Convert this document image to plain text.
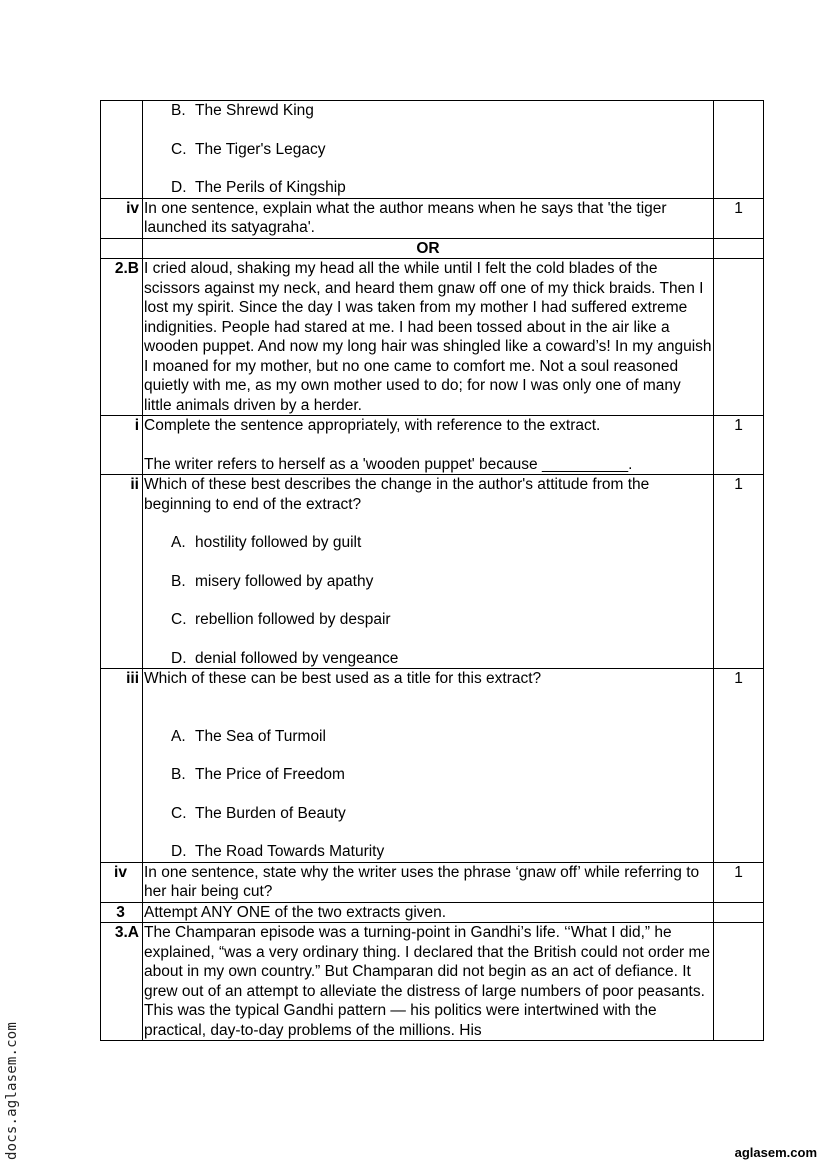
	B. The Shrewd King

C. The Tiger's Legacy

D. The Perils of Kingship	

iv	In one sentence, explain what the author means when he says that 'the tiger launched its satyagraha'.	1
	OR	
2.B	I cried aloud, shaking my head all the while until I felt the cold blades of the scissors against my neck, and heard them gnaw off one of my thick braids. Then I lost my spirit. Since the day I was taken from my mother I had suffered extreme indignities. People had stared at me. I had been tossed about in the air like a wooden puppet. And now my long hair was shingled like a coward’s! In my anguish I moaned for my mother, but no one came to comfort me. Not a soul reasoned quietly with me, as my own mother used to do; for now I was only one of many little animals driven by a herder.	
i	Complete the sentence appropriately, with reference to the extract.
The writer refers to herself as a 'wooden puppet' because __________.	1
ii	Which of these best describes the change in the author's attitude from the beginning to end of the extract?

A. hostility followed by guilt

B. misery followed by apathy

C. rebellion followed by despair

D. denial followed by vengeance	1
iii	Which of these can be best used as a title for this extract?

A. The Sea of Turmoil

B. The Price of Freedom

C. The Burden of Beauty

D. The Road Towards Maturity	1
iv	In one sentence, state why the writer uses the phrase ‘gnaw off’ while referring to her hair being cut?	1
3	Attempt ANY ONE of the two extracts given.	
3.A	The Champaran episode was a turning-point in Gandhi’s life. ‘‘What I did,” he explained, “was a very ordinary thing. I declared that the British could not order me about in my own country.” But Champaran did not begin as an act of defiance. It grew out of an attempt to alleviate the distress of large numbers of poor peasants. This was the typical Gandhi pattern — his politics were intertwined with the practical, day-to-day problems of the millions. His	
docs.aglasem.com	aglasem.com
